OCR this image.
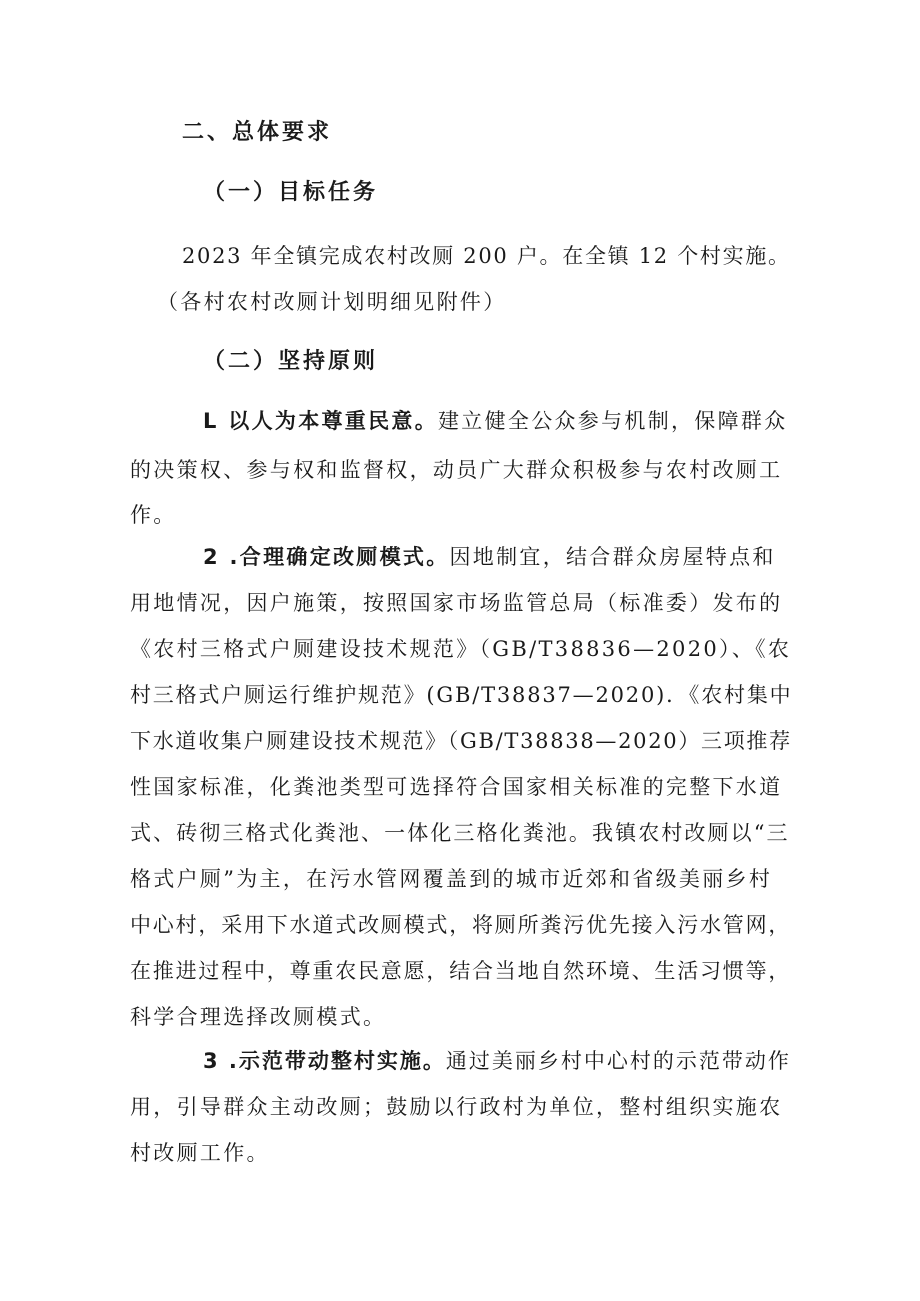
二、总体要求
（一）目标任务
2023 年全镇完成农村改厕 200 户。在全镇 12 个村实施。
（各村农村改厕计划明细见附件）
（二）坚持原则
L 以人为本尊重民意。建立健全公众参与机制，保障群众
的决策权、参与权和监督权，动员广大群众积极参与农村改厕工
作。
2 .合理确定改厕模式。因地制宜，结合群众房屋特点和
用地情况，因户施策，按照国家市场监管总局（标准委）发布的
《农村三格式户厕建设技术规范》（GB/T38836—2020）、《农
村三格式户厕运行维护规范》(GB/T38837—2020)．《农村集中
下水道收集户厕建设技术规范》（GB/T38838—2020）三项推荐
性国家标准，化粪池类型可选择符合国家相关标准的完整下水道
式、砖彻三格式化粪池、一体化三格化粪池。我镇农村改厕以“三
格式户厕”为主，在污水管网覆盖到的城市近郊和省级美丽乡村
中心村，采用下水道式改厕模式，将厕所粪污优先接入污水管网，
在推进过程中，尊重农民意愿，结合当地自然环境、生活习惯等，
科学合理选择改厕模式。
3 .示范带动整村实施。通过美丽乡村中心村的示范带动作
用，引导群众主动改厕；鼓励以行政村为单位，整村组织实施农
村改厕工作。
